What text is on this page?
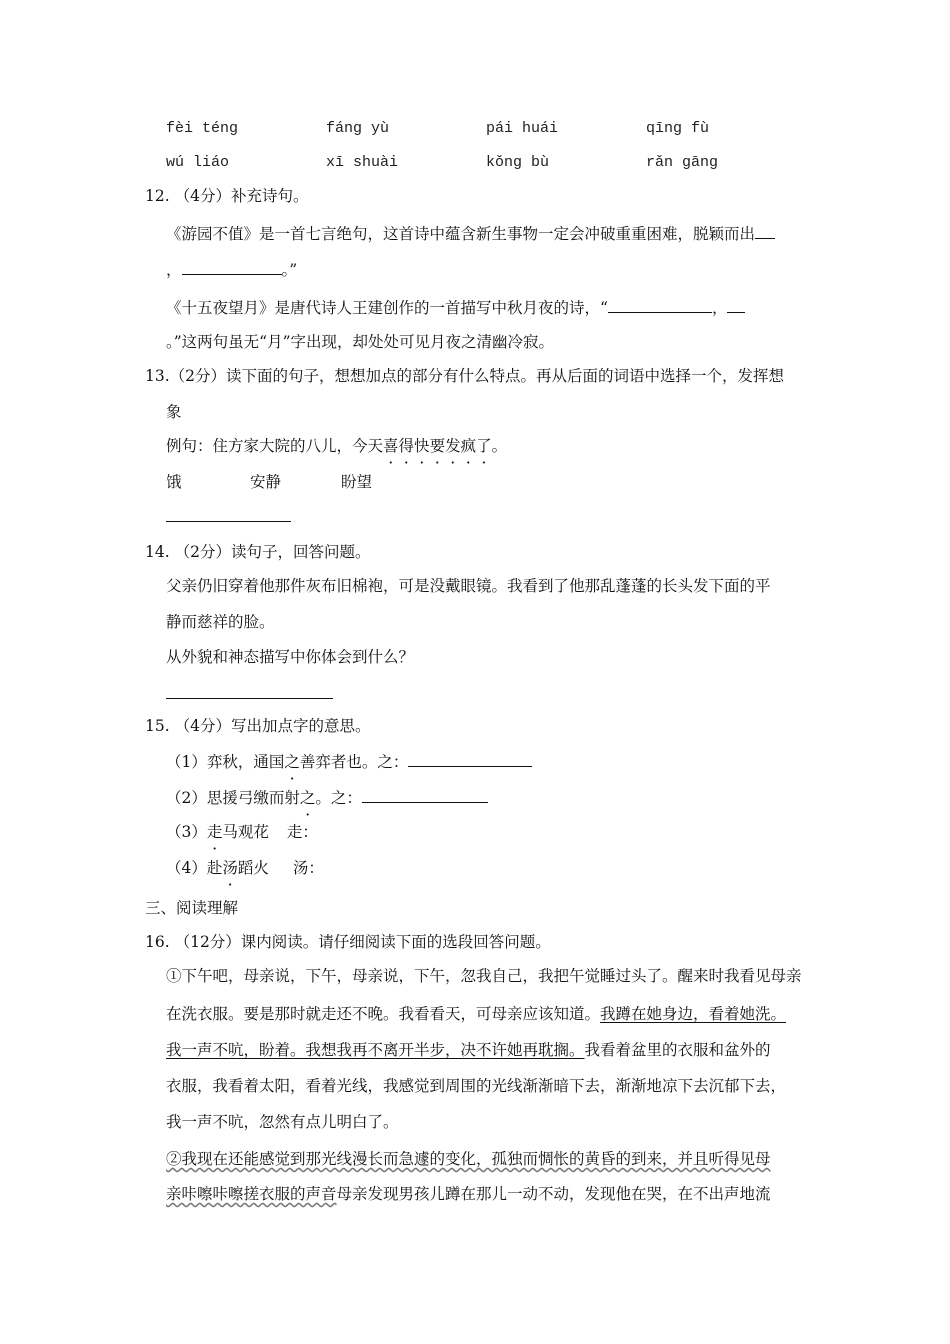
fèi téng	fáng yù	pái huái	qīng fù
wú liáo	xī shuài	kǒng bù	rǎn gāng
12. （4分）补充诗句。
《游园不值》是一首七言绝句，这首诗中蕴含新生事物一定会冲破重重困难，脱颖而出
，	。”
《十五夜望月》是唐代诗人王建创作的一首描写中秋月夜的诗，“	，
。”这两句虽无“月”字出现，却处处可见月夜之清幽冷寂。
13.（2分）读下面的句子，想想加点的部分有什么特点。再从后面的词语中选择一个，发挥想
象
例句：住方家大院的八儿，今天喜得快要发疯了。
饿	安静	盼望
14. （2分）读句子，回答问题。
父亲仍旧穿着他那件灰布旧棉袍，可是没戴眼镜。我看到了他那乱蓬蓬的长头发下面的平
静而慈祥的脸。
从外貌和神态描写中你体会到什么？
15. （4分）写出加点字的意思。
（1）弈秋，通国之善弈者也。之：
（2）思援弓缴而射之。之：
（3）走马观花 走：
（4）赴汤蹈火 汤：
三、阅读理解
16. （12分）课内阅读。请仔细阅读下面的选段回答问题。
①下午吧，母亲说，下午，母亲说，下午，忽我自己，我把午觉睡过头了。醒来时我看见母亲
在洗衣服。要是那时就走还不晚。我看看天，可母亲应该知道。我蹲在她身边，看着她洗。
我一声不吭，盼着。我想我再不离开半步，决不许她再耽搁。我看着盆里的衣服和盆外的
衣服，我看着太阳，看着光线，我感觉到周围的光线渐渐暗下去，渐渐地凉下去沉郁下去，
我一声不吭，忽然有点儿明白了。
②我现在还能感觉到那光线漫长而急遽的变化，孤独而惆怅的黄昏的到来，并且听得见母
亲咔嚓咔嚓搓衣服的声音母亲发现男孩儿蹲在那儿一动不动，发现他在哭，在不出声地流
